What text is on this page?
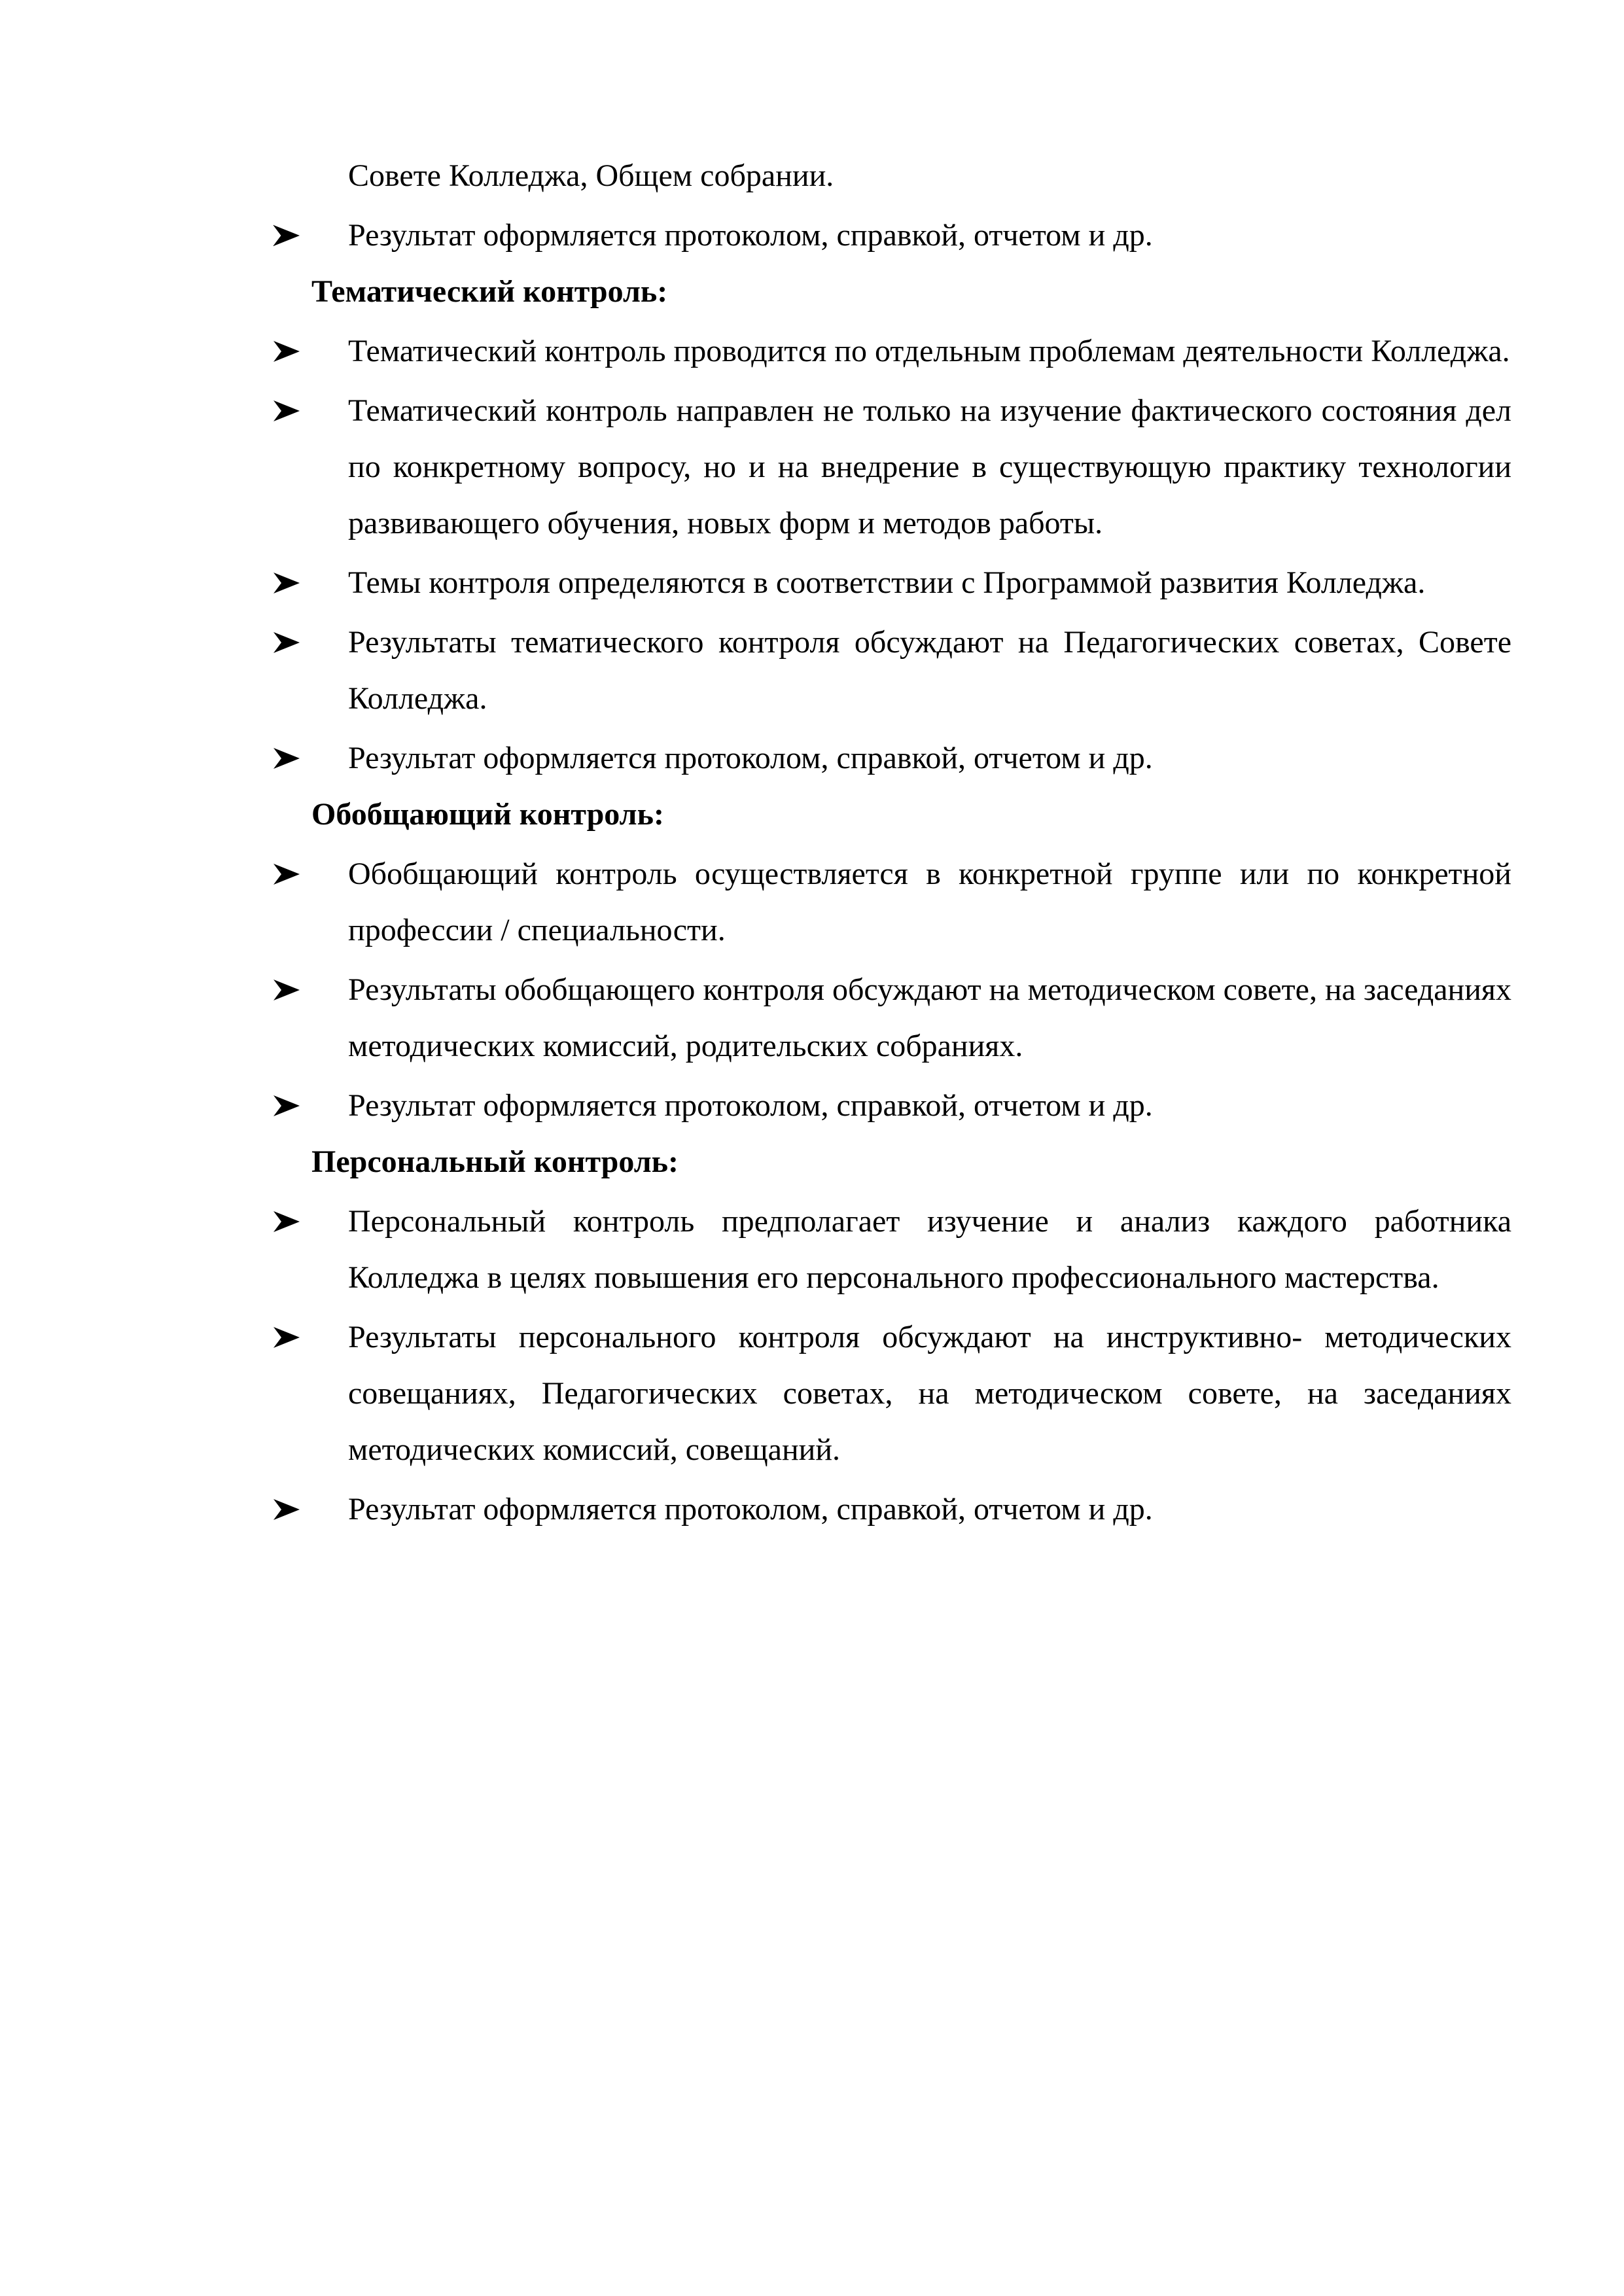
Совете Колледжа, Общем собрании.
Результат оформляется протоколом, справкой, отчетом и др.
Тематический контроль:
Тематический контроль проводится по отдельным проблемам деятельности Колледжа.
Тематический контроль направлен не только на изучение фактического состояния дел по конкретному вопросу, но и на внедрение в существующую практику технологии развивающего обучения, новых форм и методов работы.
Темы контроля определяются в соответствии с Программой развития Колледжа.
Результаты тематического контроля обсуждают на Педагогических советах, Совете Колледжа.
Результат оформляется протоколом, справкой, отчетом и др.
Обобщающий контроль:
Обобщающий контроль осуществляется в конкретной группе или по конкретной профессии / специальности.
Результаты обобщающего контроля обсуждают на методическом совете, на заседаниях методических комиссий, родительских собраниях.
Результат оформляется протоколом, справкой, отчетом и др.
Персональный контроль:
Персональный контроль предполагает изучение и анализ каждого работника Колледжа в целях повышения его персонального профессионального мастерства.
Результаты персонального контроля обсуждают на инструктивно- методических совещаниях, Педагогических советах, на методическом совете, на заседаниях методических комиссий, совещаний.
Результат оформляется протоколом, справкой, отчетом и др.
